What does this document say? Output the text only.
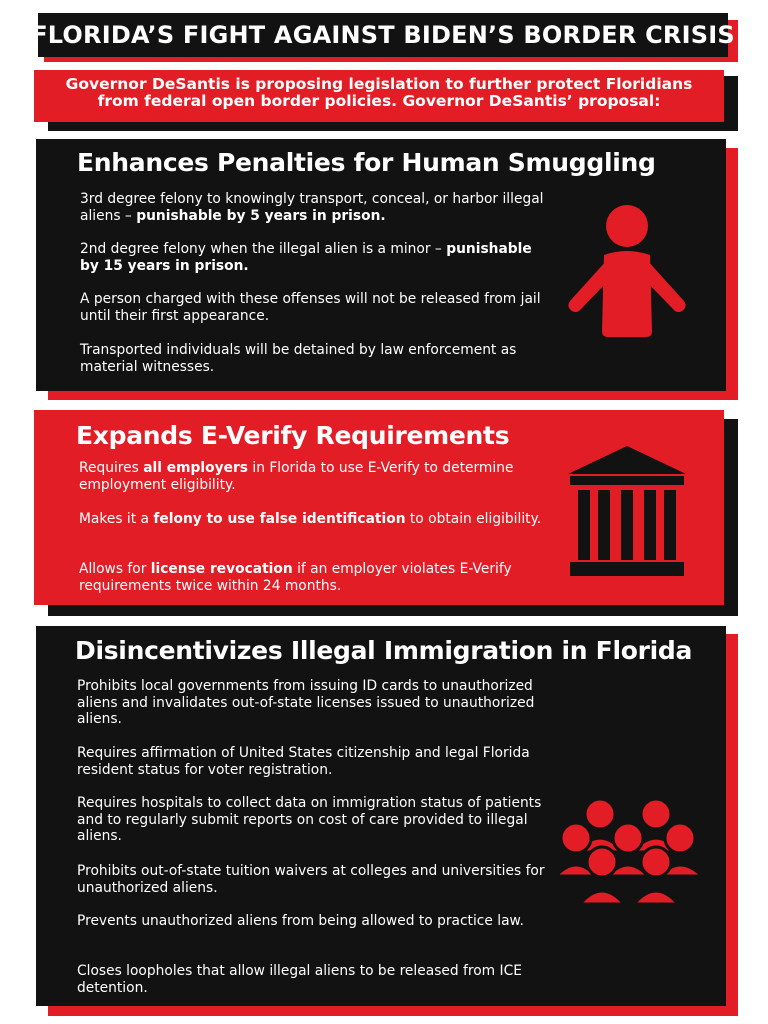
FLORIDA’S FIGHT AGAINST BIDEN’S BORDER CRISIS
Governor DeSantis is proposing legislation to further protect Floridians
from federal open border policies. Governor DeSantis’ proposal:
Enhances Penalties for Human Smuggling
3rd degree felony to knowingly transport, conceal, or harbor illegal aliens – punishable by 5 years in prison.
2nd degree felony when the illegal alien is a minor – punishable by 15 years in prison.
A person charged with these offenses will not be released from jail until their first appearance.
Transported individuals will be detained by law enforcement as material witnesses.
Expands E-Verify Requirements
Requires all employers in Florida to use E-Verify to determine employment eligibility.
Makes it a felony to use false identification to obtain eligibility.
Allows for license revocation if an employer violates E-Verify requirements twice within 24 months.
Disincentivizes Illegal Immigration in Florida
Prohibits local governments from issuing ID cards to unauthorized aliens and invalidates out-of-state licenses issued to unauthorized aliens.
Requires affirmation of United States citizenship and legal Florida resident status for voter registration.
Requires hospitals to collect data on immigration status of patients and to regularly submit reports on cost of care provided to illegal aliens.
Prohibits out-of-state tuition waivers at colleges and universities for unauthorized aliens.
Prevents unauthorized aliens from being allowed to practice law.
Closes loopholes that allow illegal aliens to be released from ICE detention.
